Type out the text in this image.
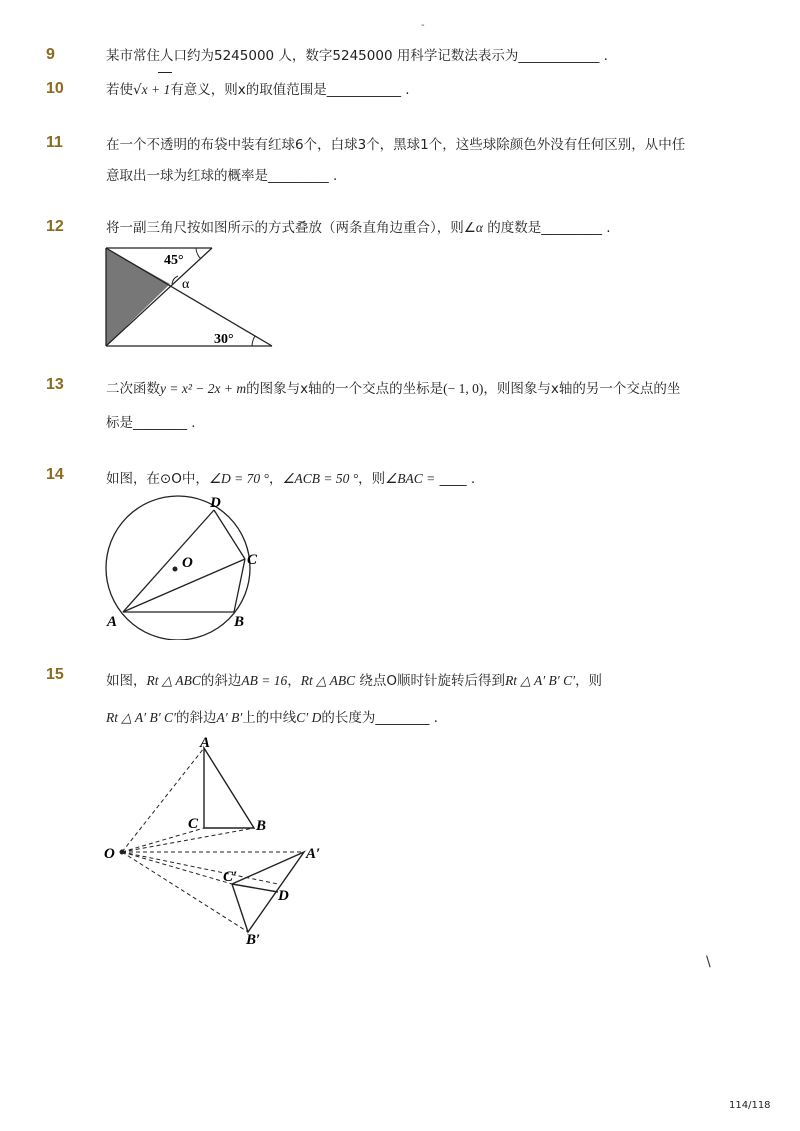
-
9	某市常住人口约为5245000 人，数字5245000 用科学记数法表示为____________ .
10	若使√x + 1有意义，则x的取值范围是___________ .
11	在一个不透明的布袋中装有红球6个，白球3个，黑球1个，这些球除颜色外没有任何区别，从中任
意取出一球为红球的概率是_________ .
12	将一副三角尺按如图所示的方式叠放（两条直角边重合），则∠α 的度数是_________ .
45°
α
30°
13	二次函数y = x² − 2x + m的图象与x轴的一个交点的坐标是(− 1, 0)，则图象与x轴的另一个交点的坐
标是________ .
14	如图，在⊙O中，∠D = 70 °，∠ACB = 50 °，则∠BAC = ____ .
O
A	B
C
D
15	如图，Rt △ ABC的斜边AB = 16，Rt △ ABC 绕点O顺时针旋转后得到Rt △ A′ B′ C′，则
Rt △ A′ B′ C′的斜边A′ B′上的中线C′ D的长度为________ .
O
A
B
C
A′
C′
D
B′
\
114/118
